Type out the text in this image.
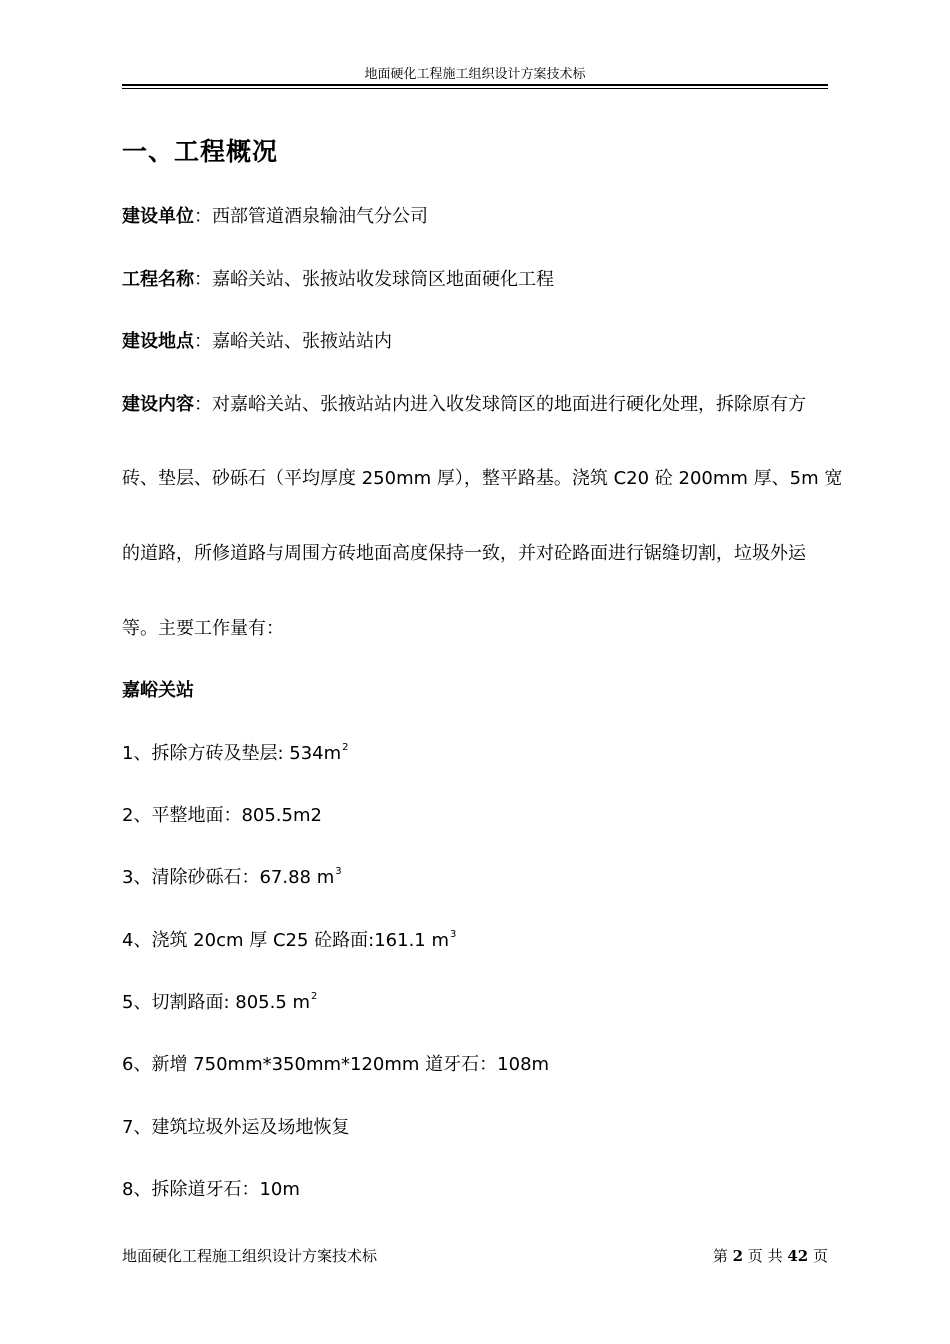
地面硬化工程施工组织设计方案技术标
一、工程概况
建设单位：西部管道酒泉输油气分公司
工程名称：嘉峪关站、张掖站收发球筒区地面硬化工程
建设地点：嘉峪关站、张掖站站内
建设内容：对嘉峪关站、张掖站站内进入收发球筒区的地面进行硬化处理，拆除原有方
砖、垫层、砂砾石（平均厚度 250mm 厚），整平路基。浇筑 C20 砼 200mm 厚、5m 宽
的道路，所修道路与周围方砖地面高度保持一致，并对砼路面进行锯缝切割，垃圾外运
等。主要工作量有：
嘉峪关站
1、拆除方砖及垫层: $534m^2$
2、平整地面：805.5m2
3、清除砂砾石：67.88 $m^3$
4、浇筑 20cm 厚 C25 砼路面:161.1 $m^3$
5、切割路面: 805.5 $m^2$
6、新增 750mm*350mm*120mm 道牙石：108m
7、建筑垃圾外运及场地恢复
8、拆除道牙石：10m
地面硬化工程施工组织设计方案技术标	第 2 页 共 42 页
